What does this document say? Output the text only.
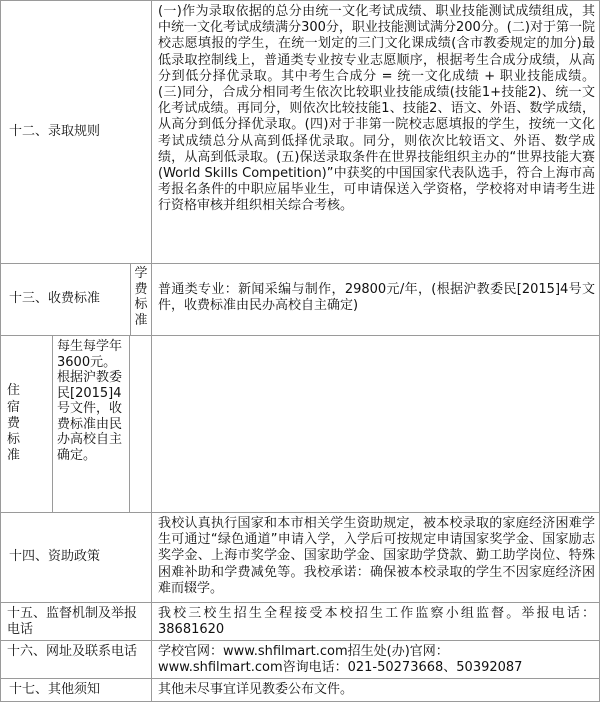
十二、录取规则
(一)作为录取依据的总分由统一文化考试成绩、职业技能测试成绩组成，其中统一文化考试成绩满分300分，职业技能测试满分200分。(二)对于第一院校志愿填报的学生，在统一划定的三门文化课成绩(含市教委规定的加分)最低录取控制线上，普通类专业按专业志愿顺序，根据考生合成分成绩，从高分到低分择优录取。其中考生合成分 = 统一文化成绩 + 职业技能成绩。(三)同分，合成分相同考生依次比较职业技能成绩(技能1+技能2)、统一文化考试成绩。再同分，则依次比较技能1、技能2、语文、外语、数学成绩，从高分到低分择优录取。(四)对于非第一院校志愿填报的学生，按统一文化考试成绩总分从高到低择优录取。同分，则依次比较语文、外语、数学成绩，从高到低录取。(五)保送录取条件在世界技能组织主办的“世界技能大赛(World Skills Competition)”中获奖的中国国家代表队选手，符合上海市高考报名条件的中职应届毕业生，可申请保送入学资格，学校将对申请考生进行资格审核并组织相关综合考核。
十三、收费标准
学费标准
普通类专业：新闻采编与制作，29800元/年，(根据沪教委民[2015]4号文件，收费标准由民办高校自主确定)
住宿费标准
每生每学年3600元。根据沪教委民[2015]4号文件，收费标准由民办高校自主确定。
十四、资助政策
我校认真执行国家和本市相关学生资助规定，被本校录取的家庭经济困难学生可通过“绿色通道”申请入学，入学后可按规定申请国家奖学金、国家励志奖学金、上海市奖学金、国家助学金、国家助学贷款、勤工助学岗位、特殊困难补助和学费减免等。我校承诺：确保被本校录取的学生不因家庭经济困难而辍学。
十五、监督机制及举报电话
我校三校生招生全程接受本校招生工作监察小组监督。举报电话：38681620
十六、网址及联系电话	学校官网：www.shfilmart.com招生处(办)官网：
www.shfilmart.com咨询电话：021-50273668、50392087
十七、其他须知	其他未尽事宜详见教委公布文件。
